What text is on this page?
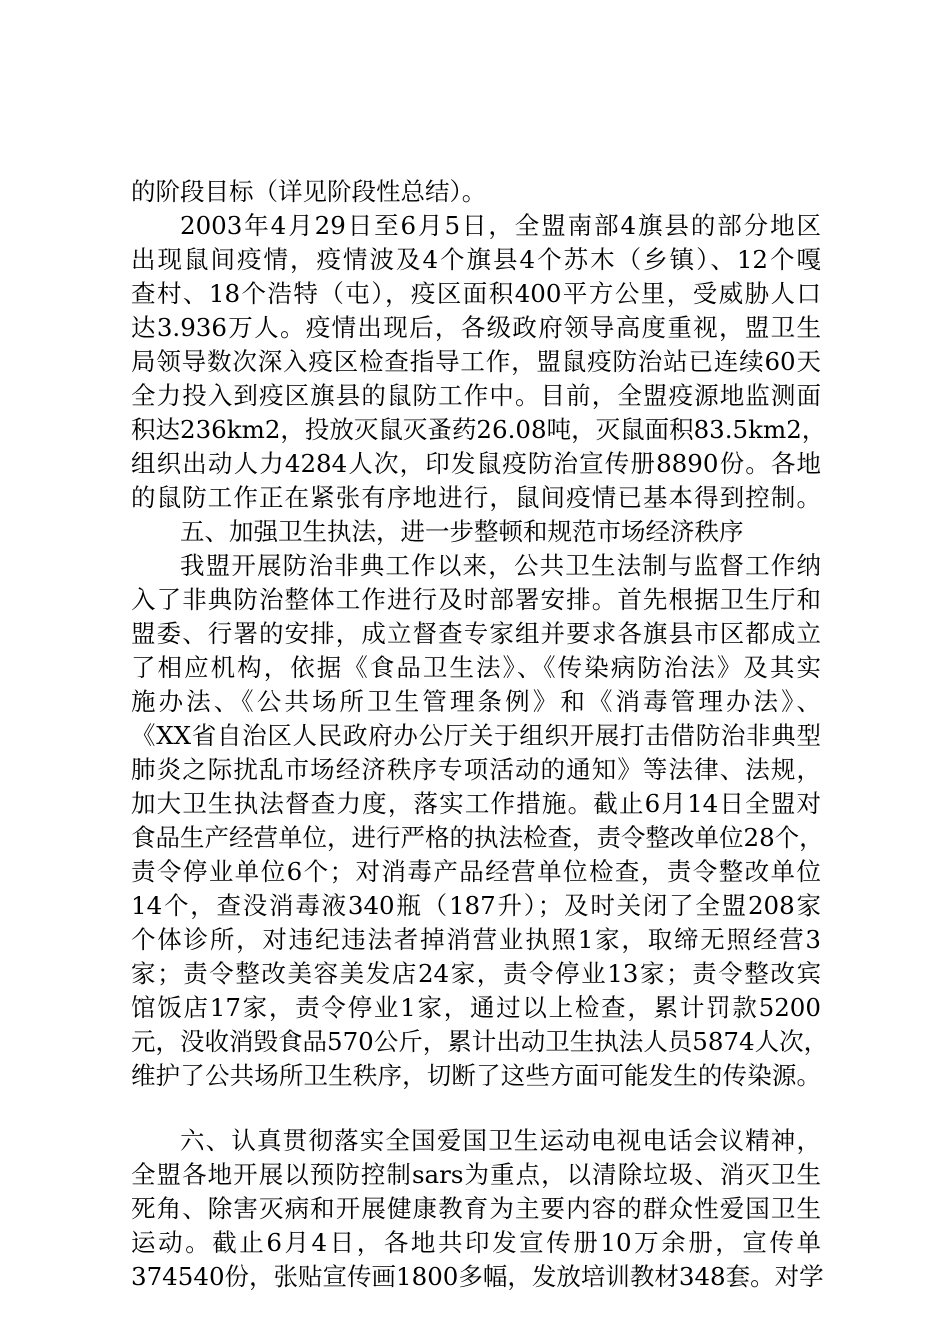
的阶段目标（详见阶段性总结）。
2003年4月29日至6月5日，全盟南部4旗县的部分地区
出现鼠间疫情，疫情波及4个旗县4个苏木（乡镇）、12个嘎
查村、18个浩特（屯），疫区面积400平方公里，受威胁人口
达3.936万人。疫情出现后，各级政府领导高度重视，盟卫生
局领导数次深入疫区检查指导工作，盟鼠疫防治站已连续60天
全力投入到疫区旗县的鼠防工作中。目前，全盟疫源地监测面
积达236km2，投放灭鼠灭蚤药26.08吨，灭鼠面积83.5km2，
组织出动人力4284人次，印发鼠疫防治宣传册8890份。各地
的鼠防工作正在紧张有序地进行，鼠间疫情已基本得到控制。
五、加强卫生执法，进一步整顿和规范市场经济秩序
我盟开展防治非典工作以来，公共卫生法制与监督工作纳
入了非典防治整体工作进行及时部署安排。首先根据卫生厅和
盟委、行署的安排，成立督查专家组并要求各旗县市区都成立
了相应机构，依据《食品卫生法》、《传染病防治法》及其实
施办法、《公共场所卫生管理条例》和《消毒管理办法》、
《XX省自治区人民政府办公厅关于组织开展打击借防治非典型
肺炎之际扰乱市场经济秩序专项活动的通知》等法律、法规，
加大卫生执法督查力度，落实工作措施。截止6月14日全盟对
食品生产经营单位，进行严格的执法检查，责令整改单位28个，
责令停业单位6个；对消毒产品经营单位检查，责令整改单位
14个，查没消毒液340瓶（187升）；及时关闭了全盟208家
个体诊所，对违纪违法者掉消营业执照1家，取缔无照经营3
家；责令整改美容美发店24家，责令停业13家；责令整改宾
馆饭店17家，责令停业1家，通过以上检查，累计罚款5200
元，没收消毁食品570公斤，累计出动卫生执法人员5874人次，
维护了公共场所卫生秩序，切断了这些方面可能发生的传染源。
六、认真贯彻落实全国爱国卫生运动电视电话会议精神，
全盟各地开展以预防控制sars为重点，以清除垃圾、消灭卫生
死角、除害灭病和开展健康教育为主要内容的群众性爱国卫生
运动。截止6月4日，各地共印发宣传册10万余册，宣传单
374540份，张贴宣传画1800多幅，发放培训教材348套。对学
